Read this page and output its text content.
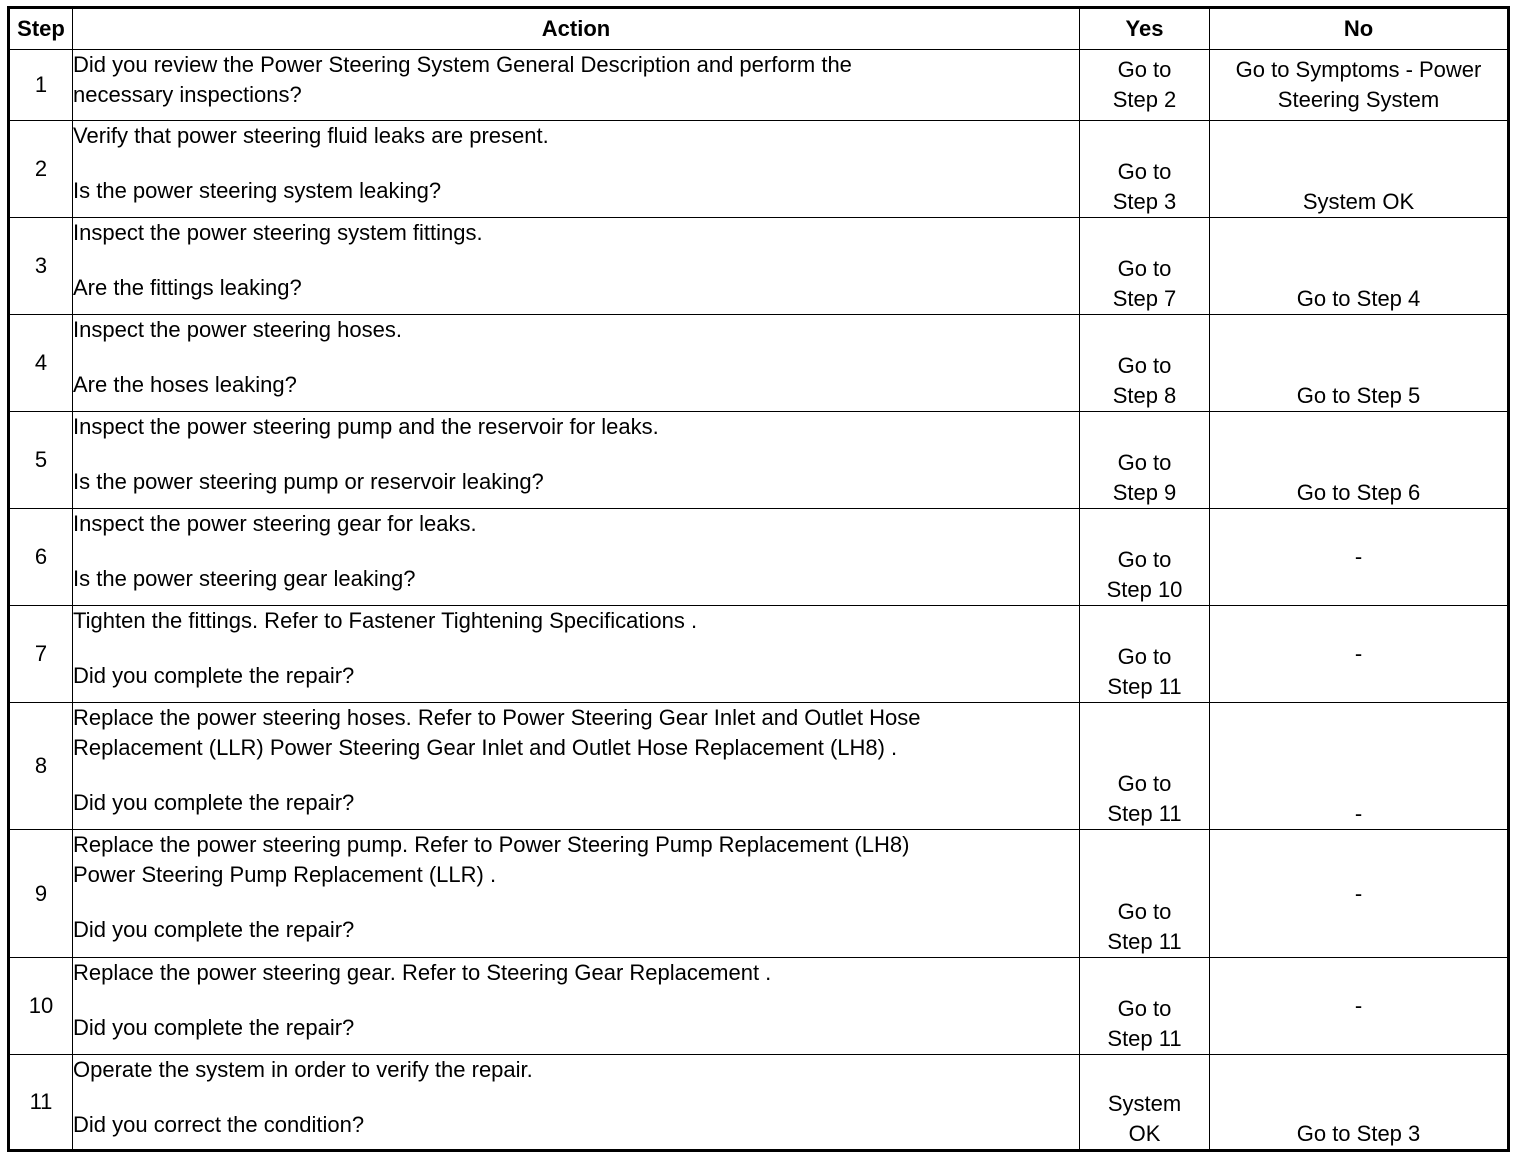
Step	Action	Yes	No
1	Did you review the Power Steering System General Description and perform the
necessary inspections?	Go to
Step 2	Go to Symptoms - Power
Steering System

2	Verify that power steering fluid leaks are present.
Is the power steering system leaking?	Go to
Step 3	System OK

3	Inspect the power steering system fittings.
Are the fittings leaking?	Go to
Step 7	Go to Step 4

4	Inspect the power steering hoses.
Are the hoses leaking?	Go to
Step 8	Go to Step 5

5	Inspect the power steering pump and the reservoir for leaks.
Is the power steering pump or reservoir leaking?	Go to
Step 9	Go to Step 6

6	Inspect the power steering gear for leaks.
Is the power steering gear leaking?	Go to
Step 10	-

7	Tighten the fittings. Refer to Fastener Tightening Specifications .
Did you complete the repair?	Go to
Step 11	-

8	Replace the power steering hoses. Refer to Power Steering Gear Inlet and Outlet Hose
Replacement (LLR) Power Steering Gear Inlet and Outlet Hose Replacement (LH8) .
Did you complete the repair?	Go to
Step 11	-

9	Replace the power steering pump. Refer to Power Steering Pump Replacement (LH8)
Power Steering Pump Replacement (LLR) .
Did you complete the repair?	Go to
Step 11	-

10	Replace the power steering gear. Refer to Steering Gear Replacement .
Did you complete the repair?	Go to
Step 11	-

11	Operate the system in order to verify the repair.
Did you correct the condition?	System
OK	Go to Step 3
